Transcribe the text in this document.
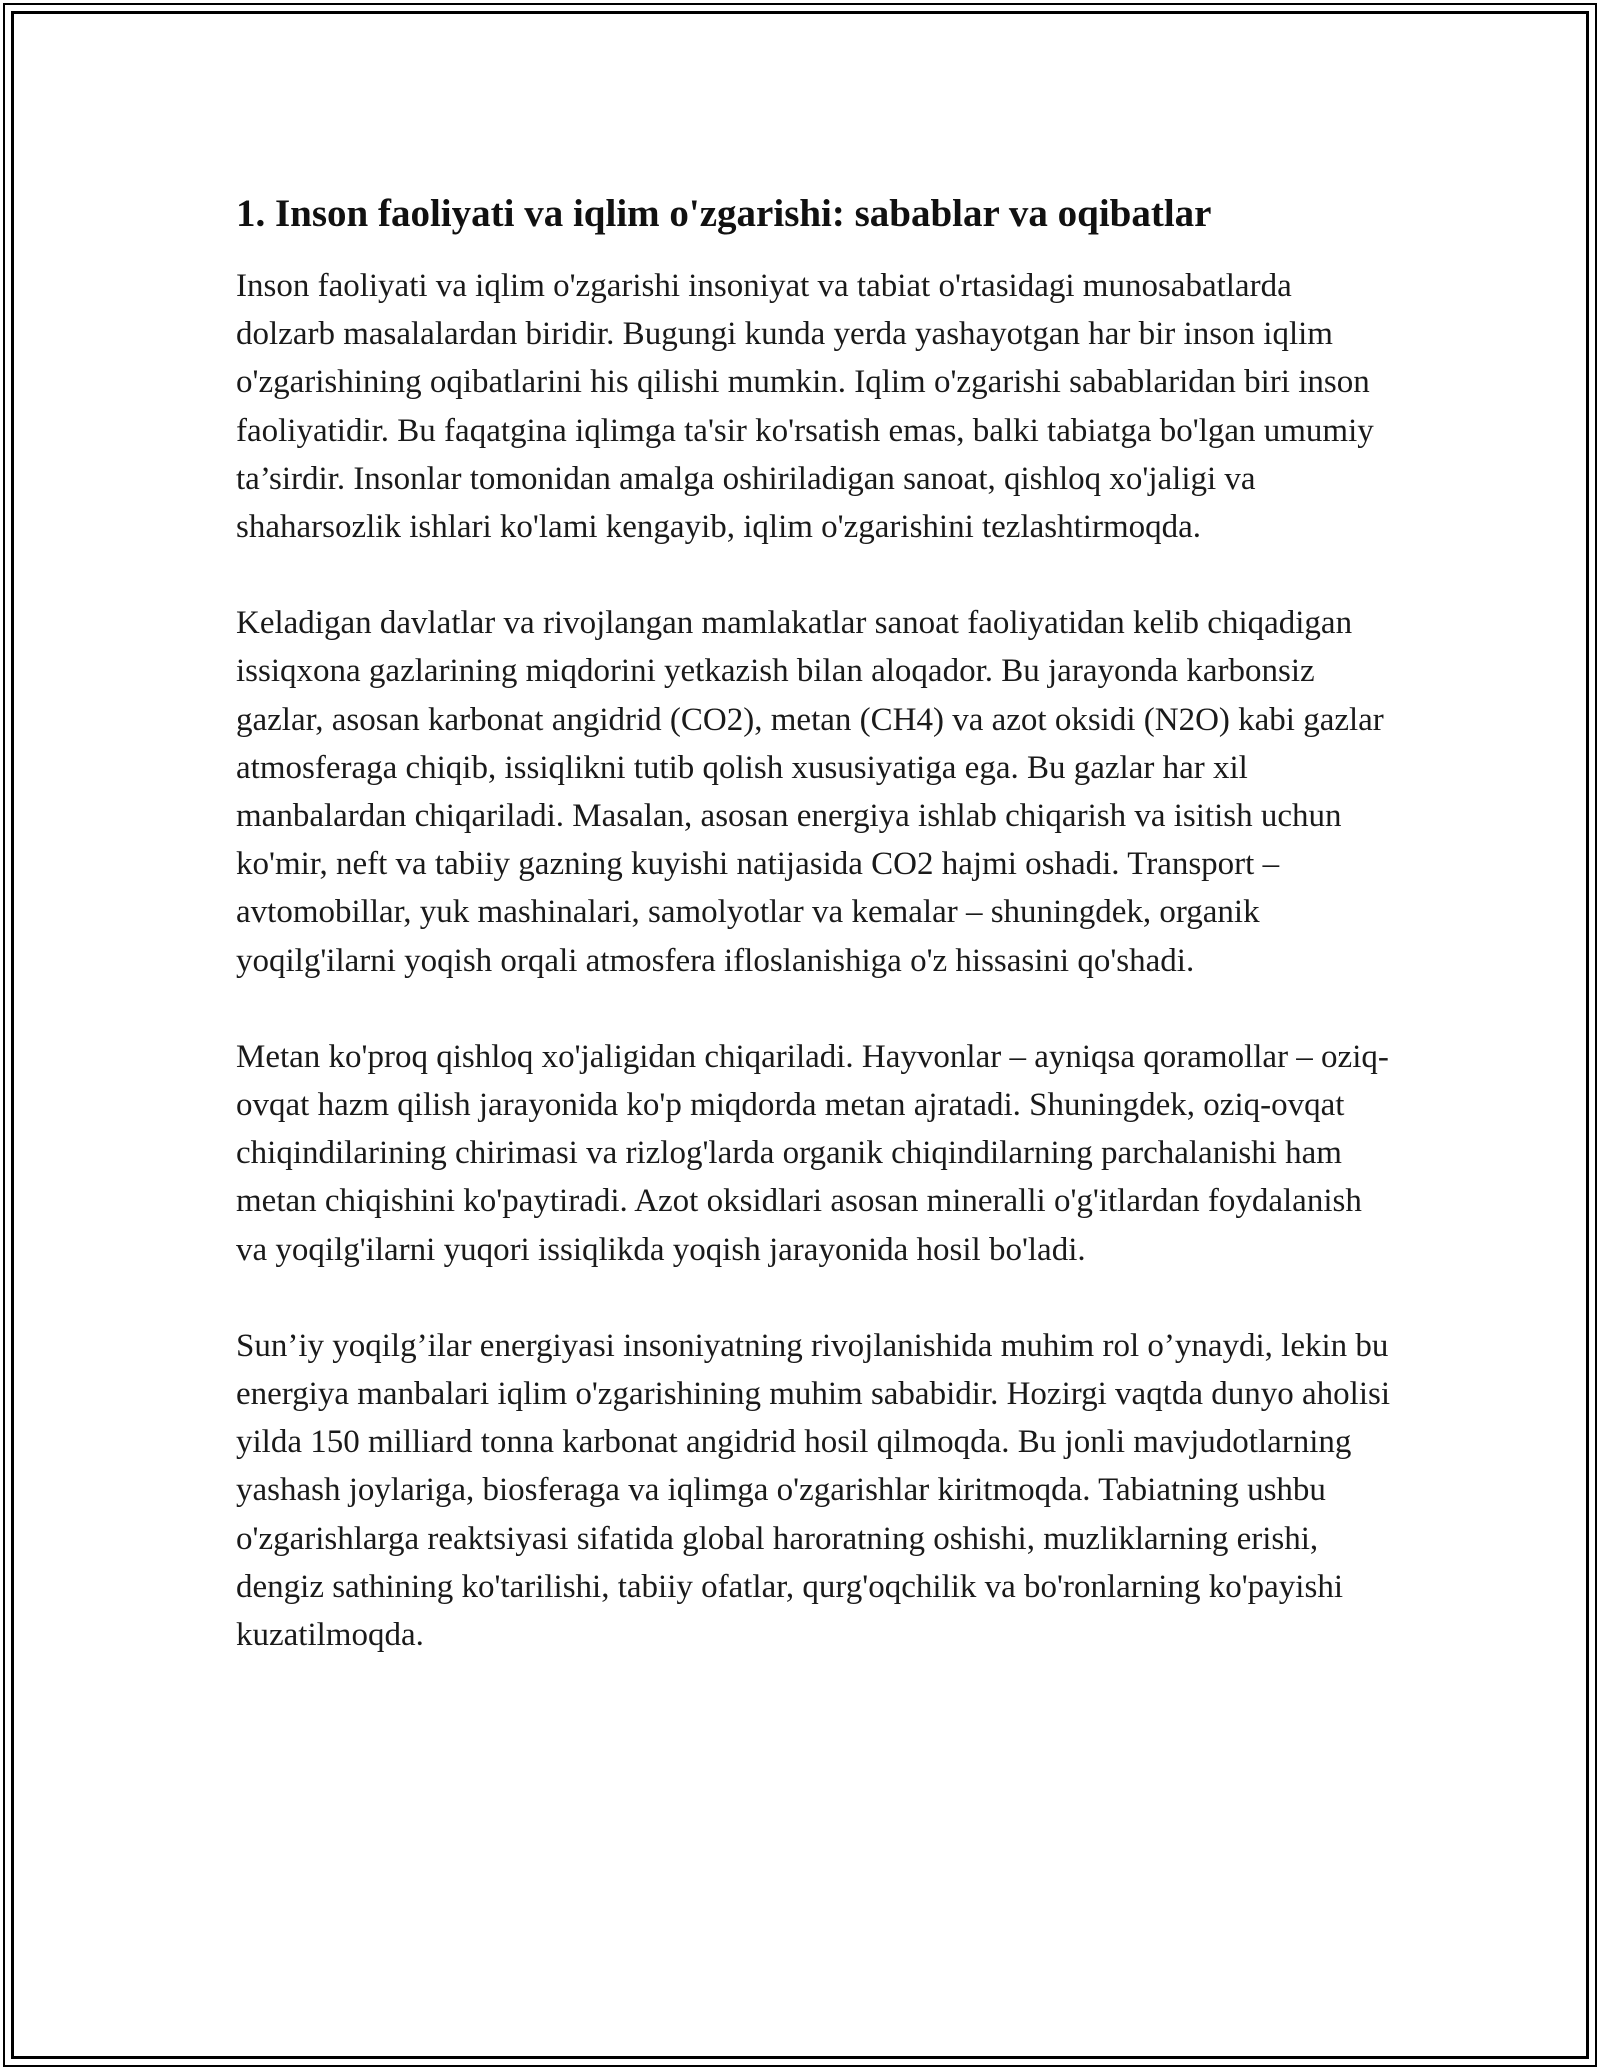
1. Inson faoliyati va iqlim o'zgarishi: sabablar va oqibatlar

Inson faoliyati va iqlim o'zgarishi insoniyat va tabiat o'rtasidagi munosabatlarda dolzarb masalalardan biridir. Bugungi kunda yerda yashayotgan har bir inson iqlim o'zgarishining oqibatlarini his qilishi mumkin. Iqlim o'zgarishi sabablaridan biri inson faoliyatidir. Bu faqatgina iqlimga ta'sir ko'rsatish emas, balki tabiatga bo'lgan umumiy ta’sirdir. Insonlar tomonidan amalga oshiriladigan sanoat, qishloq xo'jaligi va shaharsozlik ishlari ko'lami kengayib, iqlim o'zgarishini tezlashtirmoqda.

Keladigan davlatlar va rivojlangan mamlakatlar sanoat faoliyatidan kelib chiqadigan issiqxona gazlarining miqdorini yetkazish bilan aloqador. Bu jarayonda karbonsiz gazlar, asosan karbonat angidrid (CO2), metan (CH4) va azot oksidi (N2O) kabi gazlar atmosferaga chiqib, issiqlikni tutib qolish xususiyatiga ega. Bu gazlar har xil manbalardan chiqariladi. Masalan, asosan energiya ishlab chiqarish va isitish uchun ko'mir, neft va tabiiy gazning kuyishi natijasida CO2 hajmi oshadi. Transport – avtomobillar, yuk mashinalari, samolyotlar va kemalar – shuningdek, organik yoqilg'ilarni yoqish orqali atmosfera ifloslanishiga o'z hissasini qo'shadi.

Metan ko'proq qishloq xo'jaligidan chiqariladi. Hayvonlar – ayniqsa qoramollar – oziq-ovqat hazm qilish jarayonida ko'p miqdorda metan ajratadi. Shuningdek, oziq-ovqat chiqindilarining chirimasi va rizlog'larda organik chiqindilarning parchalanishi ham metan chiqishini ko'paytiradi. Azot oksidlari asosan mineralli o'g'itlardan foydalanish va yoqilg'ilarni yuqori issiqlikda yoqish jarayonida hosil bo'ladi.

Sun’iy yoqilg’ilar energiyasi insoniyatning rivojlanishida muhim rol o’ynaydi, lekin bu energiya manbalari iqlim o'zgarishining muhim sababidir. Hozirgi vaqtda dunyo aholisi yilda 150 milliard tonna karbonat angidrid hosil qilmoqda. Bu jonli mavjudotlarning yashash joylariga, biosferaga va iqlimga o'zgarishlar kiritmoqda. Tabiatning ushbu o'zgarishlarga reaktsiyasi sifatida global haroratning oshishi, muzliklarning erishi, dengiz sathining ko'tarilishi, tabiiy ofatlar, qurg'oqchilik va bo'ronlarning ko'payishi kuzatilmoqda.
